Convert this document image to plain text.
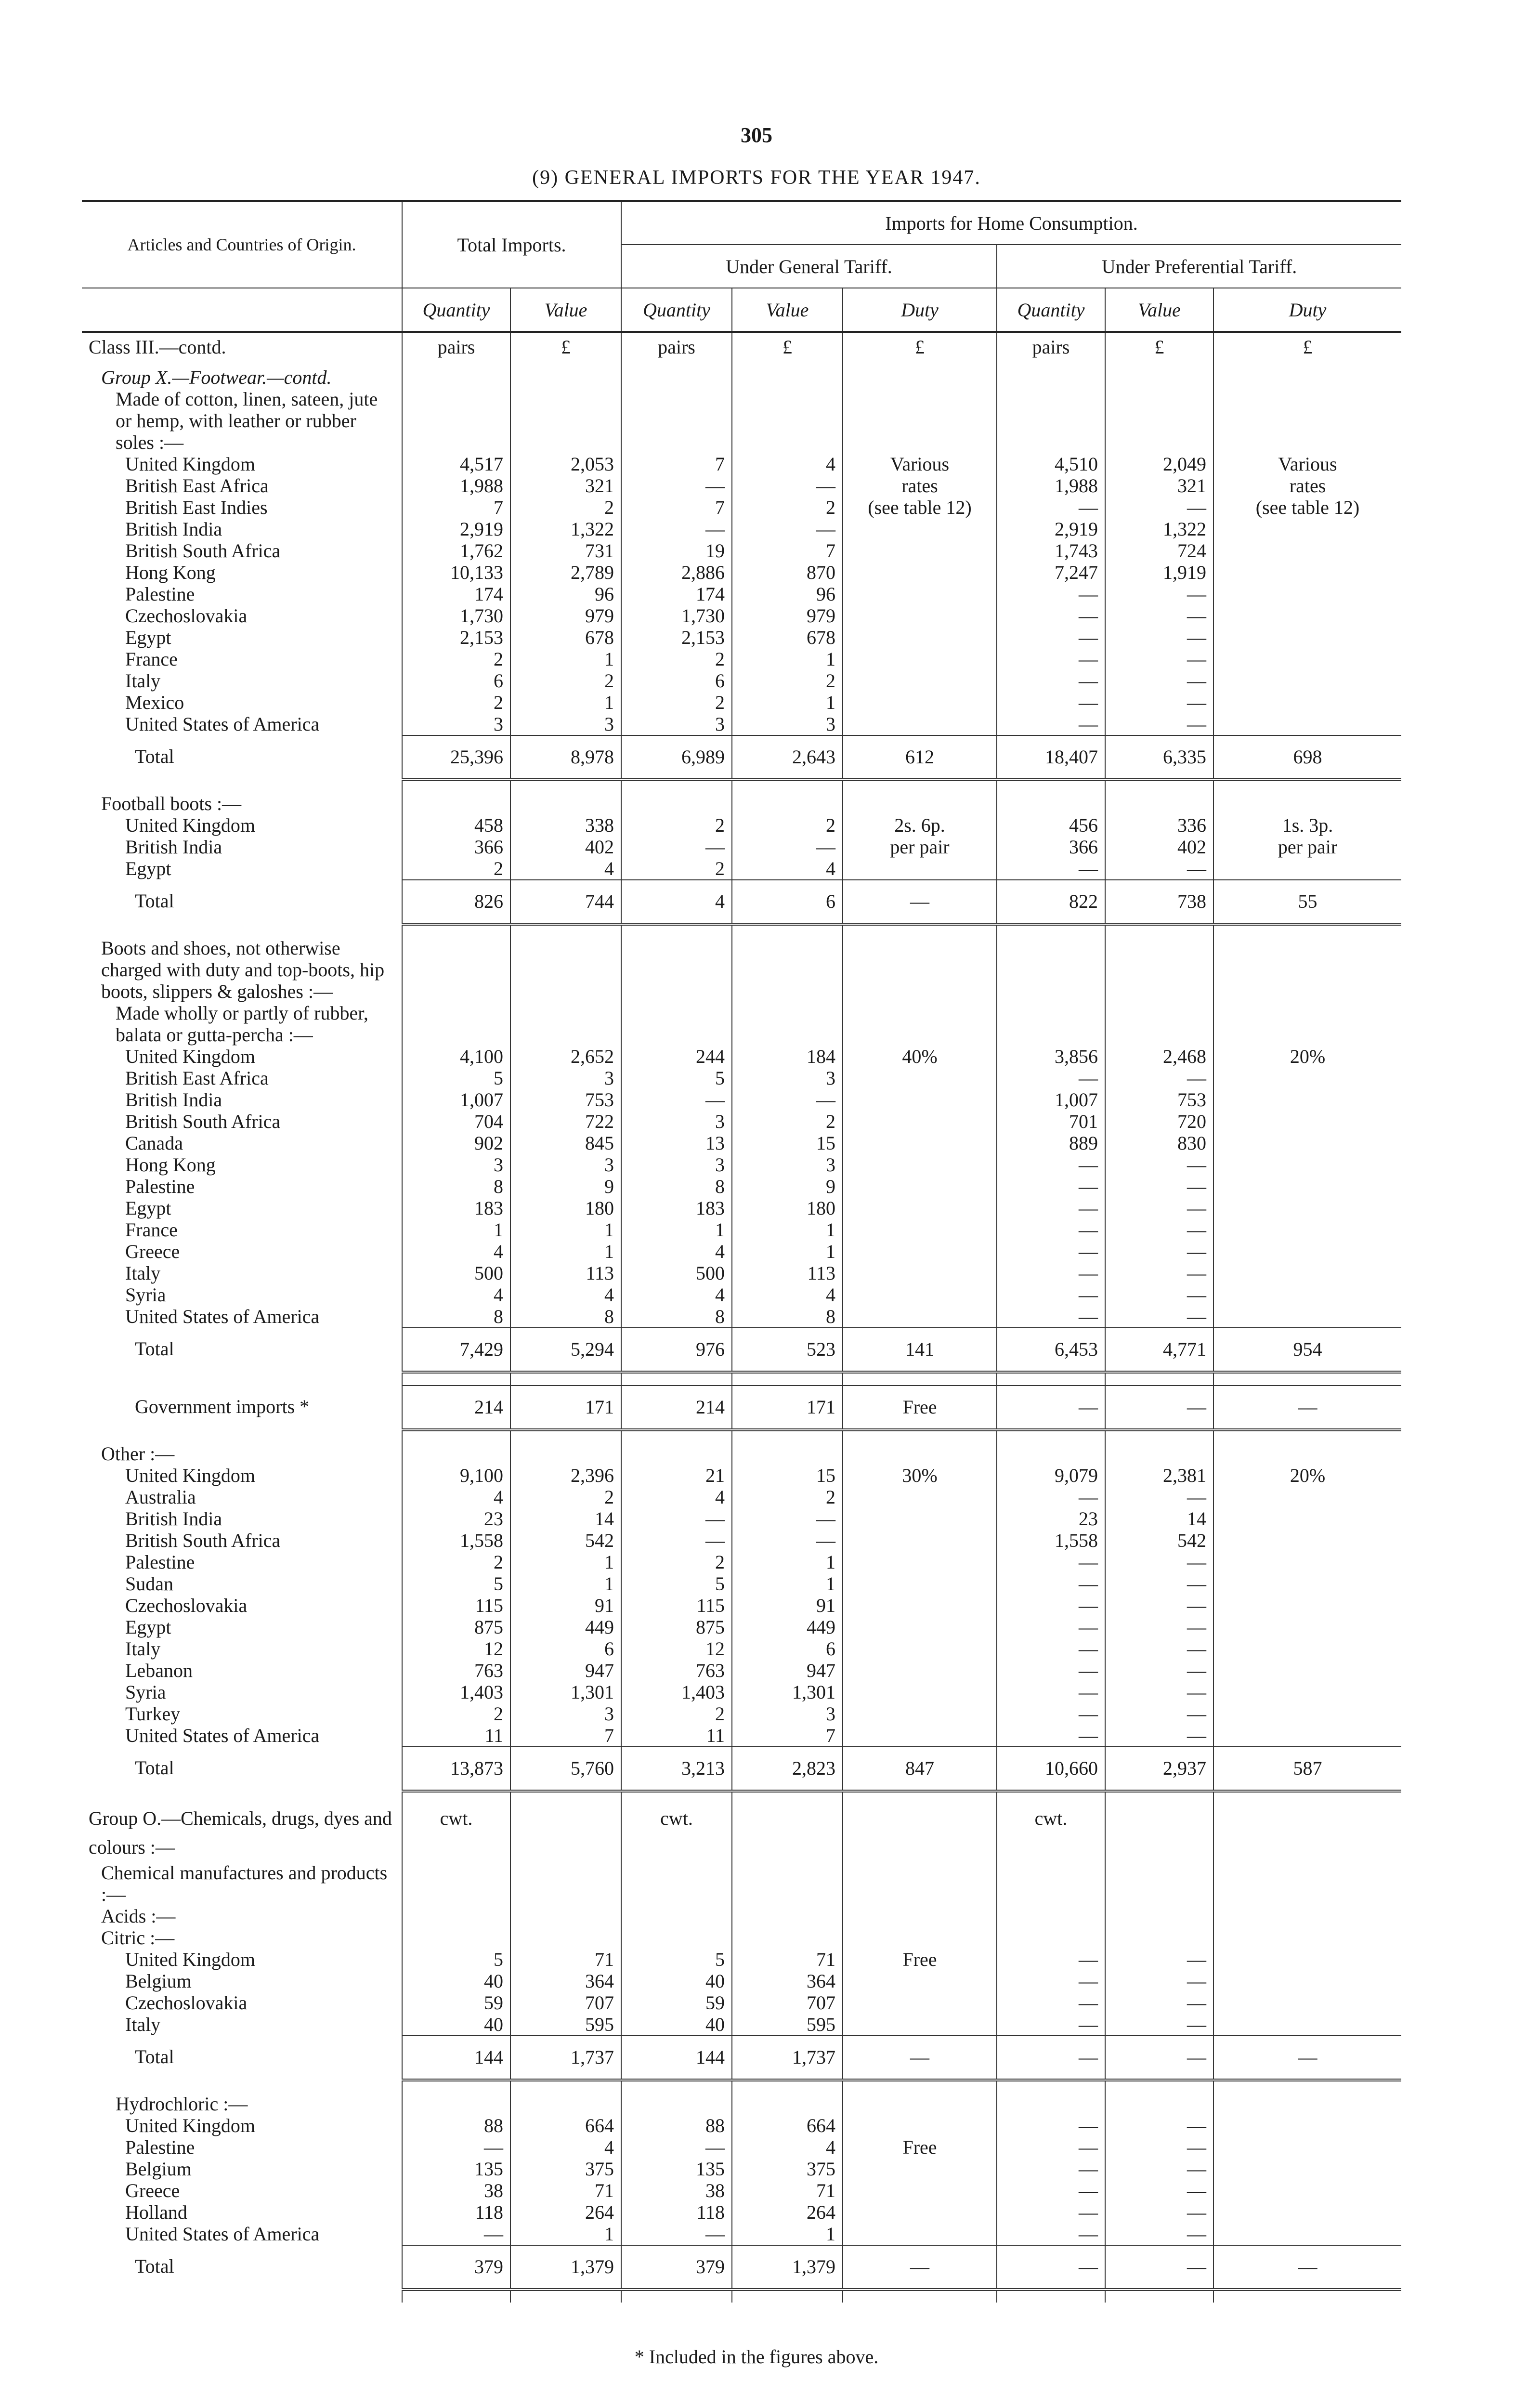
305
(9) GENERAL IMPORTS FOR THE YEAR 1947.
Articles and Countries of Origin.	Total Imports.		Imports for Home Consumption.					
			Under General Tariff.			Under Preferential Tariff.		
	Quantity	Value	Quantity	Value	Duty	Quantity	Value	Duty
Class III.—contd.	pairs	£	pairs	£	£	pairs	£	£
Group X.—Footwear.—contd.								
Made of cotton, linen, sateen, jute or hemp, with leather or rubber soles :—								
United Kingdom	4,517	2,053	7	4	Various	4,510	2,049	Various
British East Africa	1,988	321	—	—	rates	1,988	321	rates
British East Indies	7	2	7	2	(see table 12)	—	—	(see table 12)
British India	2,919	1,322	—	—		2,919	1,322	
British South Africa	1,762	731	19	7		1,743	724	
Hong Kong	10,133	2,789	2,886	870		7,247	1,919	
Palestine	174	96	174	96		—	—	
Czechoslovakia	1,730	979	1,730	979		—	—	
Egypt	2,153	678	2,153	678		—	—	
France	2	1	2	1		—	—	
Italy	6	2	6	2		—	—	
Mexico	2	1	2	1		—	—	
United States of America	3	3	3	3		—	—	
Total	25,396	8,978	6,989	2,643	612	18,407	6,335	698

Football boots :—								
United Kingdom	458	338	2	2	2s. 6p.	456	336	1s. 3p.
British India	366	402	—	—	per pair	366	402	per pair
Egypt	2	4	2	4		—	—	
Total	826	744	4	6	—	822	738	55

Boots and shoes, not otherwise charged with duty and top-boots, hip boots, slippers & galoshes :—								
Made wholly or partly of rubber, balata or gutta-percha :—								
United Kingdom	4,100	2,652	244	184	40%	3,856	2,468	20%
British East Africa	5	3	5	3		—	—	
British India	1,007	753	—	—		1,007	753	
British South Africa	704	722	3	2		701	720	
Canada	902	845	13	15		889	830	
Hong Kong	3	3	3	3		—	—	
Palestine	8	9	8	9		—	—	
Egypt	183	180	183	180		—	—	
France	1	1	1	1		—	—	
Greece	4	1	4	1		—	—	
Italy	500	113	500	113		—	—	
Syria	4	4	4	4		—	—	
United States of America	8	8	8	8		—	—	
Total	7,429	5,294	976	523	141	6,453	4,771	954

Government imports *	214	171	214	171	Free	—	—	—

Other :—								
United Kingdom	9,100	2,396	21	15	30%	9,079	2,381	20%
Australia	4	2	4	2		—	—	
British India	23	14	—	—		23	14	
British South Africa	1,558	542	—	—		1,558	542	
Palestine	2	1	2	1		—	—	
Sudan	5	1	5	1		—	—	
Czechoslovakia	115	91	115	91		—	—	
Egypt	875	449	875	449		—	—	
Italy	12	6	12	6		—	—	
Lebanon	763	947	763	947		—	—	
Syria	1,403	1,301	1,403	1,301		—	—	
Turkey	2	3	2	3		—	—	
United States of America	11	7	11	7		—	—	
Total	13,873	5,760	3,213	2,823	847	10,660	2,937	587

Group O.—Chemicals, drugs, dyes and colours :—	cwt.		cwt.			cwt.		
Chemical manufactures and products :—								
Acids :—								
Citric :—								
United Kingdom	5	71	5	71	Free	—	—	
Belgium	40	364	40	364		—	—	
Czechoslovakia	59	707	59	707		—	—	
Italy	40	595	40	595		—	—	
Total	144	1,737	144	1,737	—	—	—	—

Hydrochloric :—								
United Kingdom	88	664	88	664		—	—	
Palestine	—	4	—	4	Free	—	—	
Belgium	135	375	135	375		—	—	
Greece	38	71	38	71		—	—	
Holland	118	264	118	264		—	—	
United States of America	—	1	—	1		—	—	
Total	379	1,379	379	1,379	—	—	—	—

* Included in the figures above.
